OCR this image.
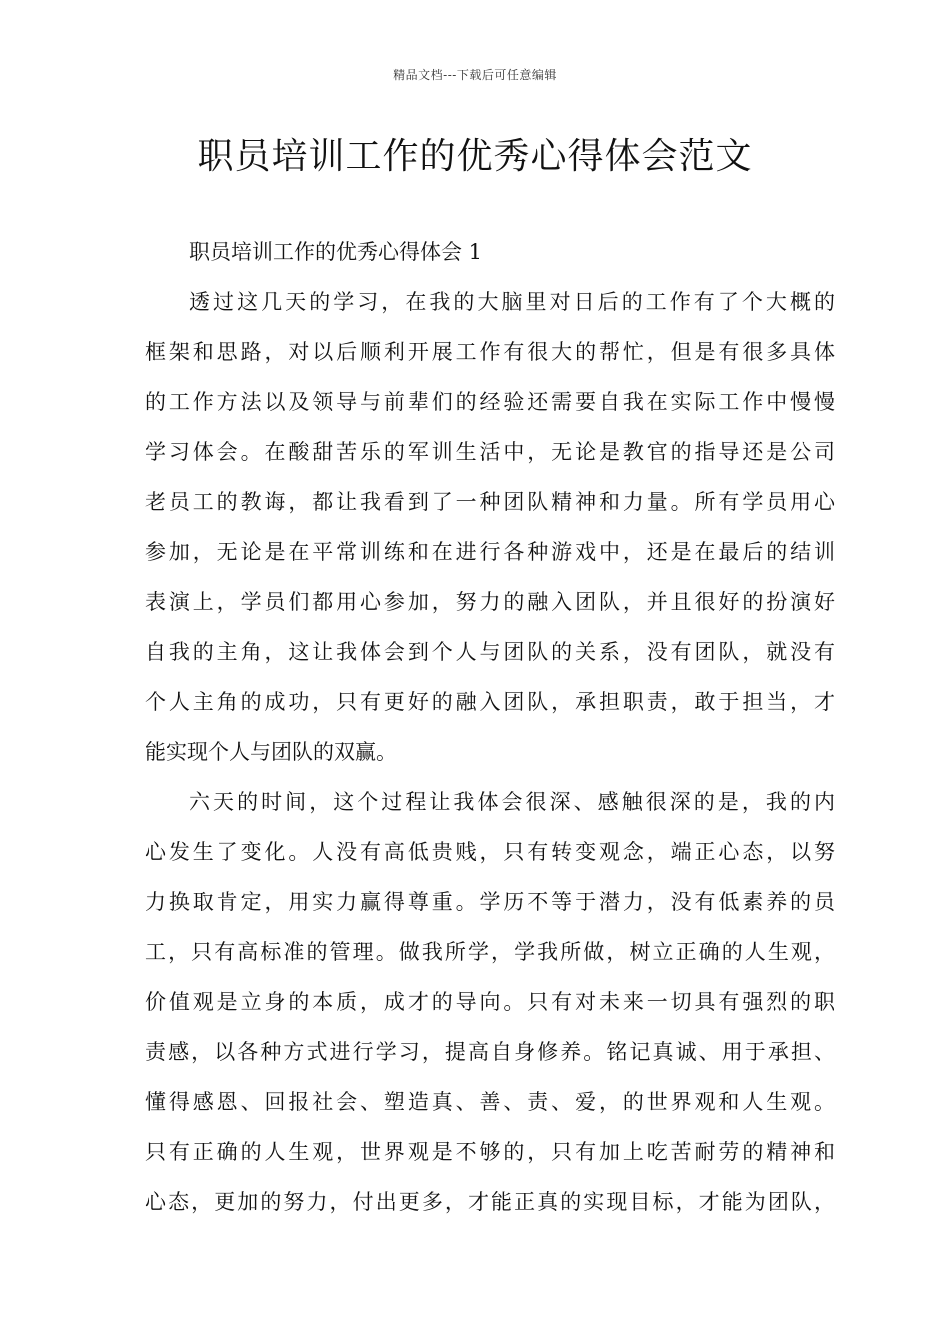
精品文档---下载后可任意编辑
职员培训工作的优秀心得体会范文
职员培训工作的优秀心得体会 1
透过这几天的学习，在我的大脑里对日后的工作有了个大概的
框架和思路，对以后顺利开展工作有很大的帮忙，但是有很多具体
的工作方法以及领导与前辈们的经验还需要自我在实际工作中慢慢
学习体会。在酸甜苦乐的军训生活中，无论是教官的指导还是公司
老员工的教诲，都让我看到了一种团队精神和力量。所有学员用心
参加，无论是在平常训练和在进行各种游戏中，还是在最后的结训
表演上，学员们都用心参加，努力的融入团队，并且很好的扮演好
自我的主角，这让我体会到个人与团队的关系，没有团队，就没有
个人主角的成功，只有更好的融入团队，承担职责，敢于担当，才
能实现个人与团队的双赢。
六天的时间，这个过程让我体会很深、感触很深的是，我的内
心发生了变化。人没有高低贵贱，只有转变观念，端正心态，以努
力换取肯定，用实力赢得尊重。学历不等于潜力，没有低素养的员
工，只有高标准的管理。做我所学，学我所做，树立正确的人生观，
价值观是立身的本质，成才的导向。只有对未来一切具有强烈的职
责感，以各种方式进行学习，提高自身修养。铭记真诚、用于承担、
懂得感恩、回报社会、塑造真、善、责、爱，的世界观和人生观。
只有正确的人生观，世界观是不够的，只有加上吃苦耐劳的精神和
心态，更加的努力，付出更多，才能正真的实现目标，才能为团队，
